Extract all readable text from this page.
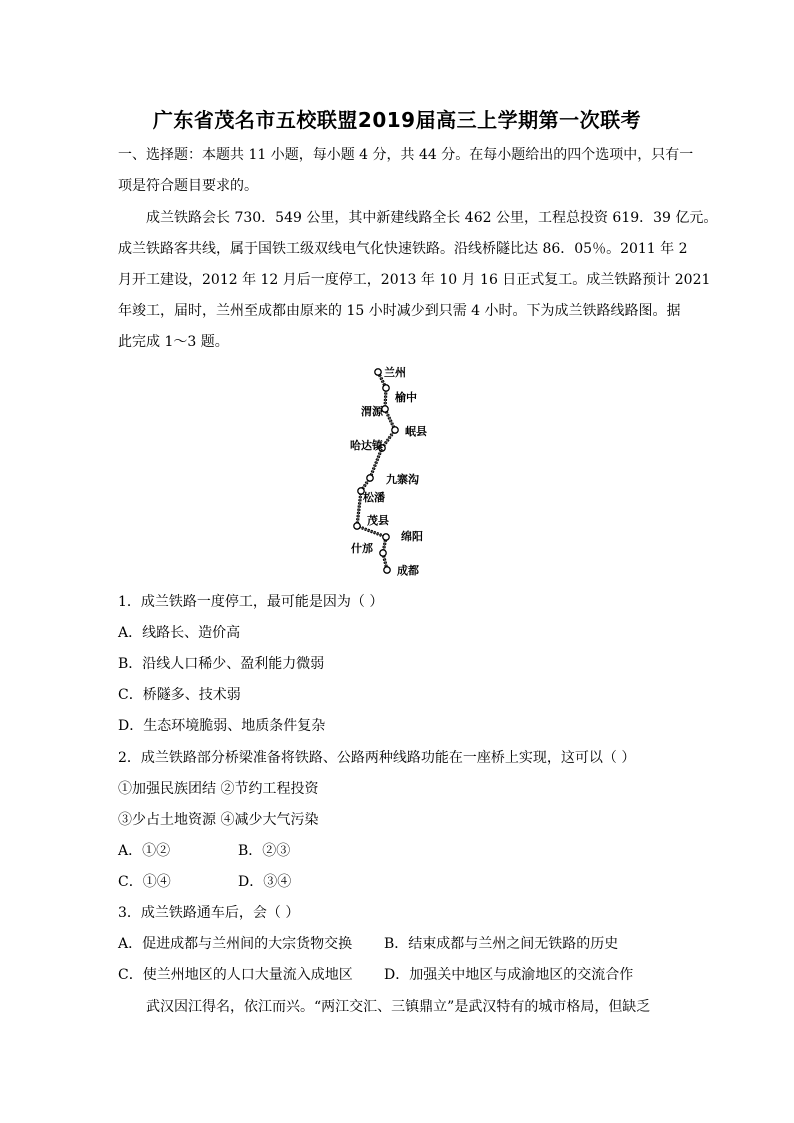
广东省茂名市五校联盟2019届高三上学期第一次联考
一、选择题：本题共 11 小题，每小题 4 分，共 44 分。在每小题给出的四个选项中，只有一
项是符合题目要求的。
成兰铁路会长 730．549 公里，其中新建线路全长 462 公里，工程总投资 619．39 亿元。
成兰铁路客共线，属于国铁工级双线电气化快速铁路。沿线桥隧比达 86．05％。2011 年 2
月开工建设，2012 年 12 月后一度停工，2013 年 10 月 16 日正式复工。成兰铁路预计 2021
年竣工，届时，兰州至成都由原来的 15 小时减少到只需 4 小时。下为成兰铁路线路图。据
此完成 1～3 题。
兰州
榆中
渭源
岷县
哈达镇
九寨沟
松潘
茂县
绵阳
什邡
成都
1．成兰铁路一度停工，最可能是因为（ ）
A．线路长、造价高
B．沿线人口稀少、盈利能力微弱
C．桥隧多、技术弱
D．生态环境脆弱、地质条件复杂
2．成兰铁路部分桥梁准备将铁路、公路两种线路功能在一座桥上实现，这可以（ ）
①加强民族团结 ②节约工程投资
③少占土地资源 ④减少大气污染
A．①②	B．②③
C．①④	D．③④
3．成兰铁路通车后，会（ ）
A．促进成都与兰州间的大宗货物交换 B．结束成都与兰州之间无铁路的历史
C．使兰州地区的人口大量流入成地区 D．加强关中地区与成渝地区的交流合作
武汉因江得名，依江而兴。“两江交汇、三镇鼎立”是武汉特有的城市格局，但缺乏
